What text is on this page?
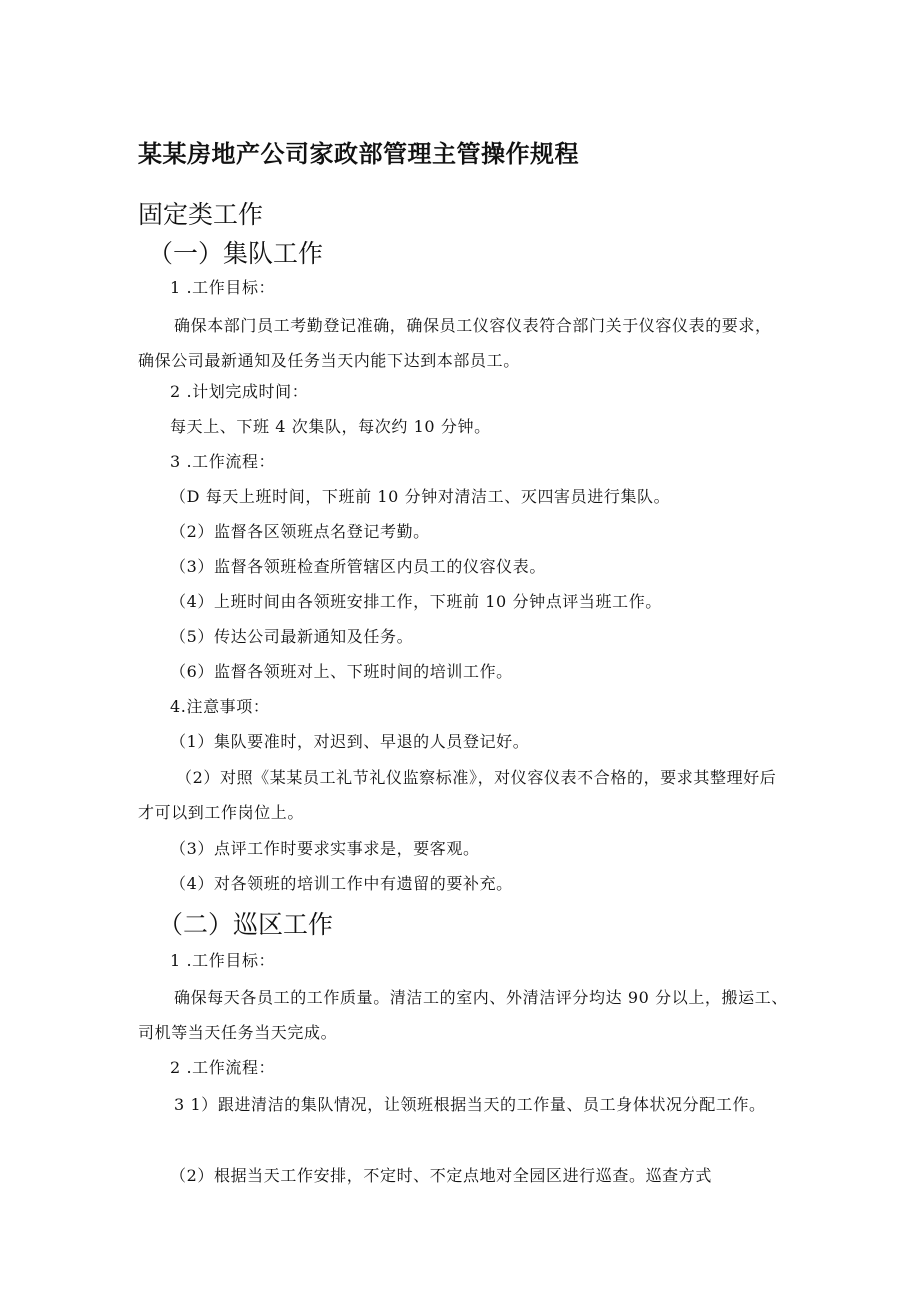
某某房地产公司家政部管理主管操作规程
固定类工作
（一）集队工作
1 .工作目标：
确保本部门员工考勤登记准确，确保员工仪容仪表符合部门关于仪容仪表的要求，确保公司最新通知及任务当天内能下达到本部员工。
2 .计划完成时间：
每天上、下班 4 次集队，每次约 10 分钟。
3 .工作流程：
（D 每天上班时间，下班前 10 分钟对清洁工、灭四害员进行集队。
（2）监督各区领班点名登记考勤。
（3）监督各领班检查所管辖区内员工的仪容仪表。
（4）上班时间由各领班安排工作，下班前 10 分钟点评当班工作。
（5）传达公司最新通知及任务。
（6）监督各领班对上、下班时间的培训工作。
4.注意事项：
（1）集队要准时，对迟到、早退的人员登记好。
（2）对照《某某员工礼节礼仪监察标准》，对仪容仪表不合格的，要求其整理好后才可以到工作岗位上。
（3）点评工作时要求实事求是，要客观。
（4）对各领班的培训工作中有遗留的要补充。
（二）巡区工作
1 .工作目标：
确保每天各员工的工作质量。清洁工的室内、外清洁评分均达 90 分以上，搬运工、司机等当天任务当天完成。
2 .工作流程：
3 1）跟进清洁的集队情况，让领班根据当天的工作量、员工身体状况分配工作。
（2）根据当天工作安排，不定时、不定点地对全园区进行巡查。巡查方式
